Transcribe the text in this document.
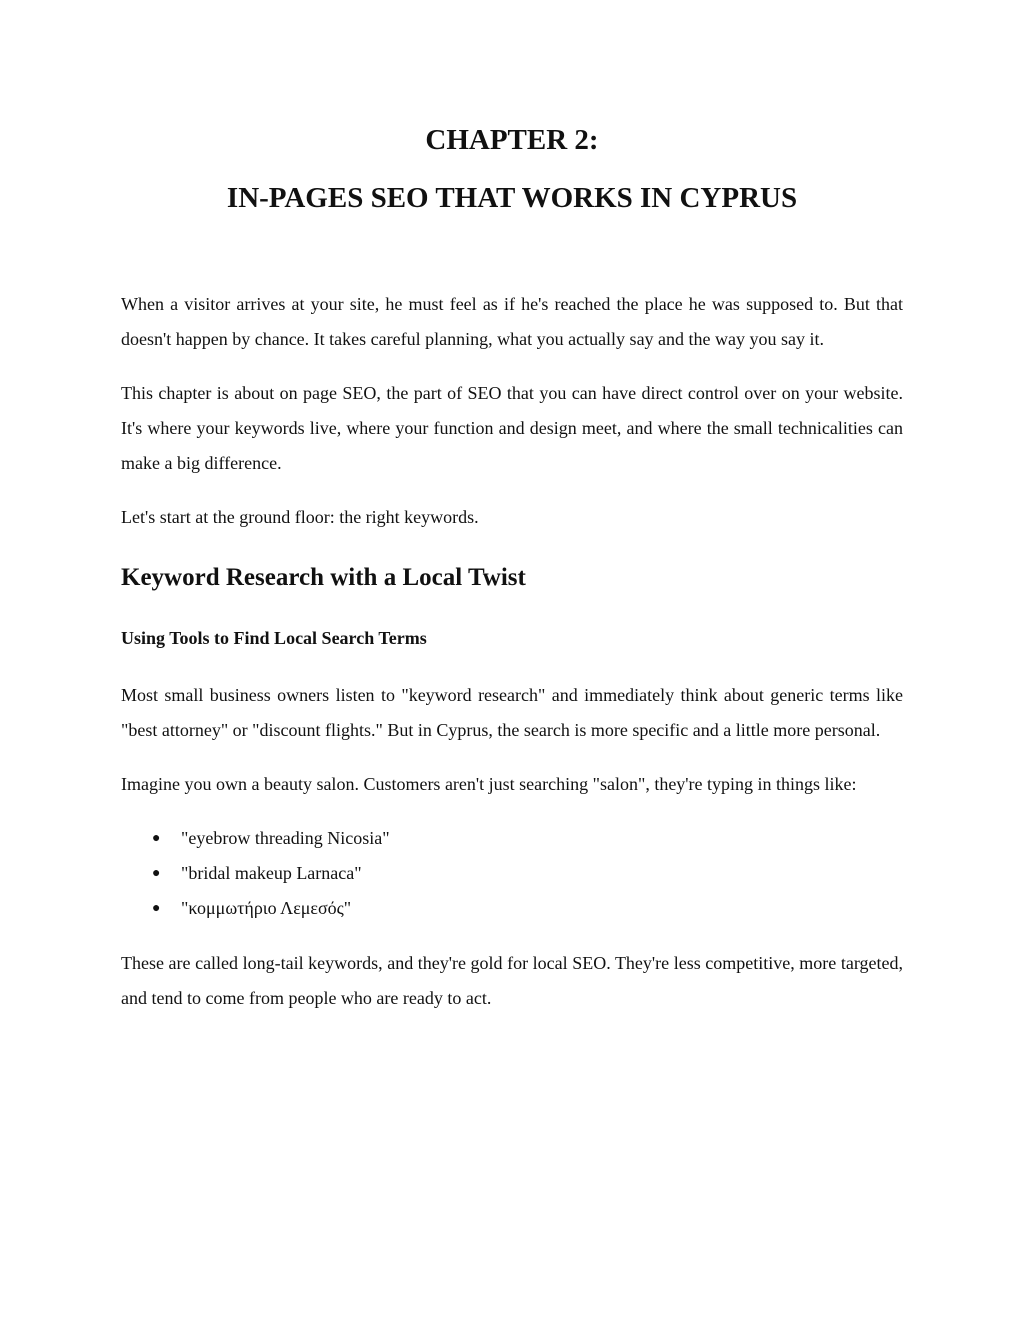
CHAPTER 2:
IN-PAGES SEO THAT WORKS IN CYPRUS

When a visitor arrives at your site, he must feel as if he's reached the place he was supposed to. But that doesn't happen by chance. It takes careful planning, what you actually say and the way you say it.

This chapter is about on page SEO, the part of SEO that you can have direct control over on your website. It's where your keywords live, where your function and design meet, and where the small technicalities can make a big difference.

Let's start at the ground floor: the right keywords.

Keyword Research with a Local Twist
Using Tools to Find Local Search Terms

Most small business owners listen to "keyword research" and immediately think about generic terms like "best attorney" or "discount flights." But in Cyprus, the search is more specific and a little more personal.

Imagine you own a beauty salon. Customers aren't just searching "salon", they're typing in things like:

● "eyebrow threading Nicosia"
● "bridal makeup Larnaca"
● "κομμωτήριο Λεμεσός"

These are called long-tail keywords, and they're gold for local SEO. They're less competitive, more targeted, and tend to come from people who are ready to act.
